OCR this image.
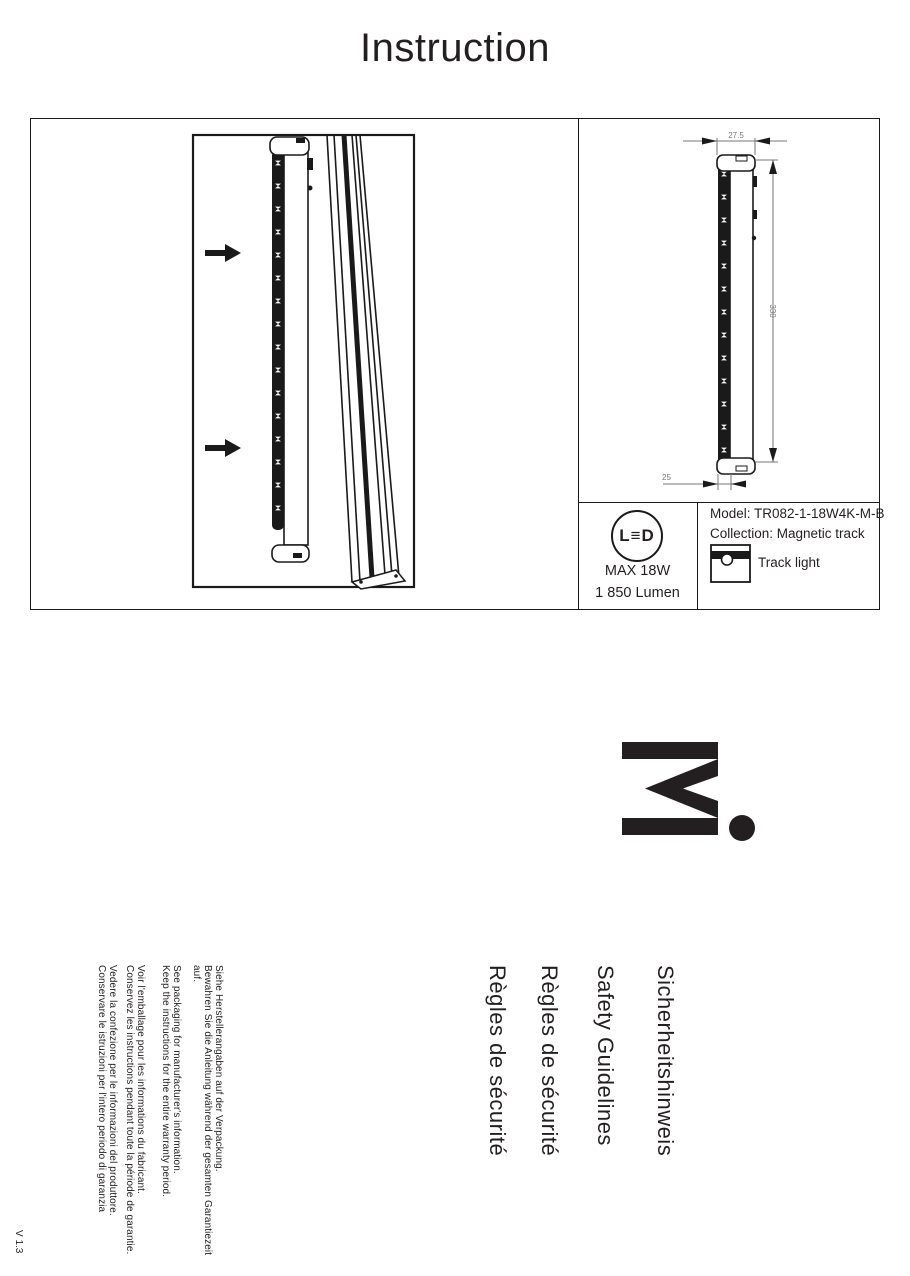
Instruction
27.5
330
25
L≡D
MAX 18W
1 850 Lumen
Model: TR082-1-18W4K-M-B
Collection: Magnetic track
Track light
Sicherheitshinweis
Safety Guidelines
Règles de sécurité
Règles de sécurité
Siehe Herstellerangaben auf der Verpackung.
Bewahren Sie die Anleitung während der gesamten Garantiezeit
auf.
See packaging for manufacturer's information.
Keep the instructions for the entire warranty period.
Voir l'emballage pour les informations du fabricant.
Conservez les instructions pendant toute la période de garantie.
Vedere la confezione per le informazioni del produttore.
Conservare le istruzioni per l'intero periodo di garanzia
V 1.3
